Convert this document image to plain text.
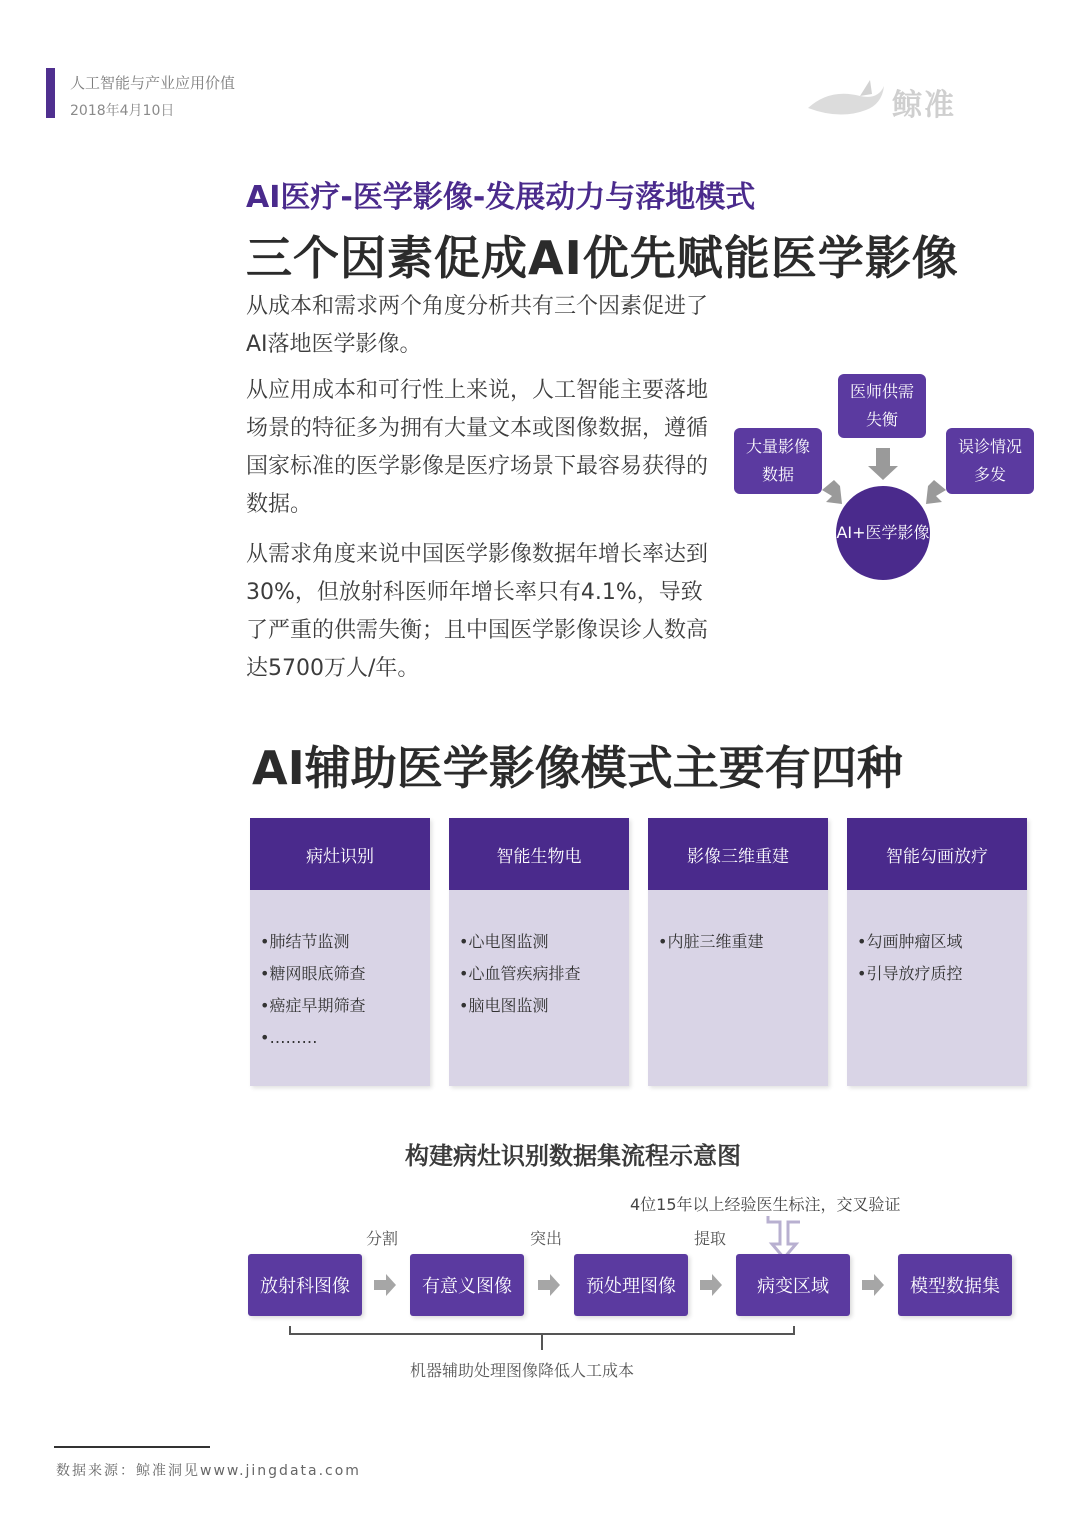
人工智能与产业应用价值
2018年4月10日	鲸准
AI医疗-医学影像-发展动力与落地模式
三个因素促成AI优先赋能医学影像

从成本和需求两个角度分析共有三个因素促进了AI落地医学影像。

从应用成本和可行性上来说，人工智能主要落地场景的特征多为拥有大量文本或图像数据，遵循国家标准的医学影像是医疗场景下最容易获得的数据。

从需求角度来说中国医学影像数据年增长率达到30%，但放射科医师年增长率只有4.1%，导致了严重的供需失衡；且中国医学影像误诊人数高达5700万人/年。

医师供需失衡
大量影像数据
误诊情况多发
AI+医学影像
AI辅助医学影像模式主要有四种
病灶识别
•肺结节监测
•糖网眼底筛查
•癌症早期筛查
•………
智能生物电
•心电图监测
•心血管疾病排查
•脑电图监测
影像三维重建
•内脏三维重建
智能勾画放疗
•勾画肿瘤区域
•引导放疗质控
构建病灶识别数据集流程示意图
4位15年以上经验医生标注，交叉验证
放射科图像	有意义图像	预处理图像	病变区域	模型数据集
分割	突出	提取
机器辅助处理图像降低人工成本
数据来源：鲸准洞见www.jingdata.com
